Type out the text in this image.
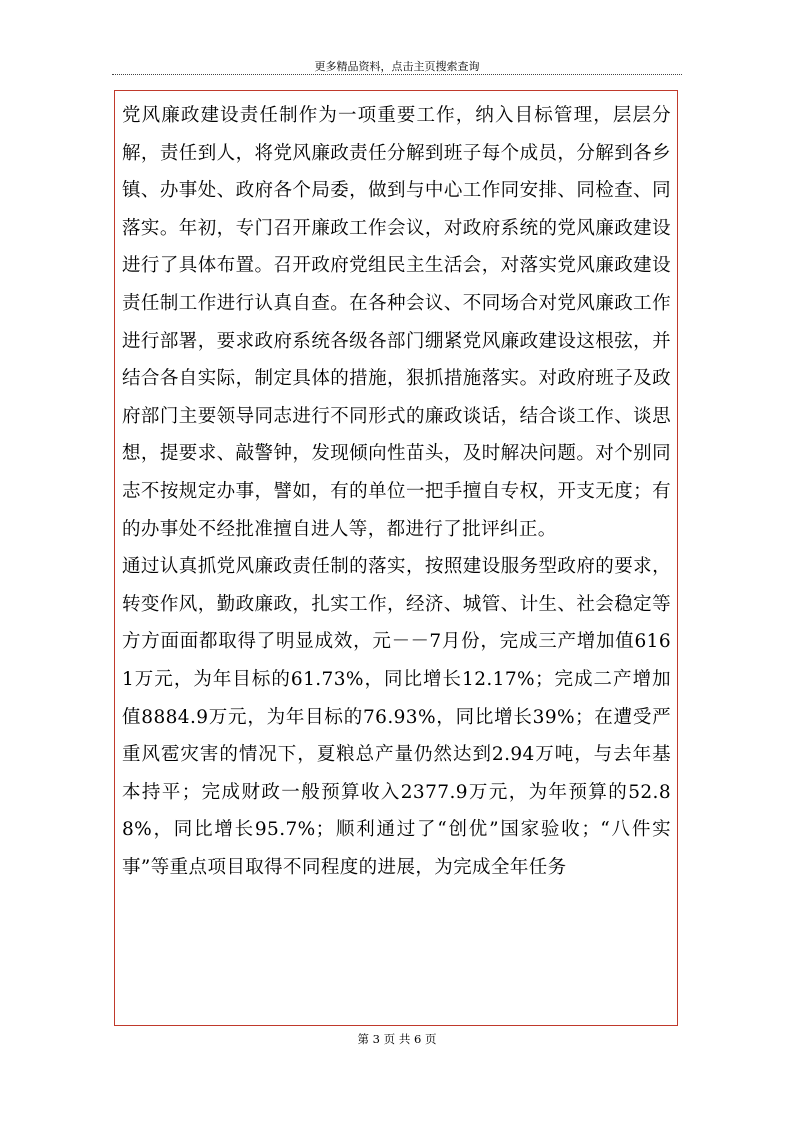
更多精品资料，点击主页搜索查询

党风廉政建设责任制作为一项重要工作，纳入目标管理，层层分解，责任到人，将党风廉政责任分解到班子每个成员，分解到各乡镇、办事处、政府各个局委，做到与中心工作同安排、同检查、同落实。年初，专门召开廉政工作会议，对政府系统的党风廉政建设进行了具体布置。召开政府党组民主生活会，对落实党风廉政建设责任制工作进行认真自查。在各种会议、不同场合对党风廉政工作进行部署，要求政府系统各级各部门绷紧党风廉政建设这根弦，并结合各自实际，制定具体的措施，狠抓措施落实。对政府班子及政府部门主要领导同志进行不同形式的廉政谈话，结合谈工作、谈思想，提要求、敲警钟，发现倾向性苗头，及时解决问题。对个别同志不按规定办事，譬如，有的单位一把手擅自专权，开支无度；有的办事处不经批准擅自进人等，都进行了批评纠正。

通过认真抓党风廉政责任制的落实，按照建设服务型政府的要求，转变作风，勤政廉政，扎实工作，经济、城管、计生、社会稳定等方方面面都取得了明显成效，元－－7月份，完成三产增加值6161万元，为年目标的61.73%，同比增长12.17%；完成二产增加值8884.9万元，为年目标的76.93%，同比增长39%；在遭受严重风雹灾害的情况下，夏粮总产量仍然达到2.94万吨，与去年基本持平；完成财政一般预算收入2377.9万元，为年预算的52.88%，同比增长95.7%；顺利通过了“创优”国家验收；“八件实事”等重点项目取得不同程度的进展，为完成全年任务

第 3 页 共 6 页
